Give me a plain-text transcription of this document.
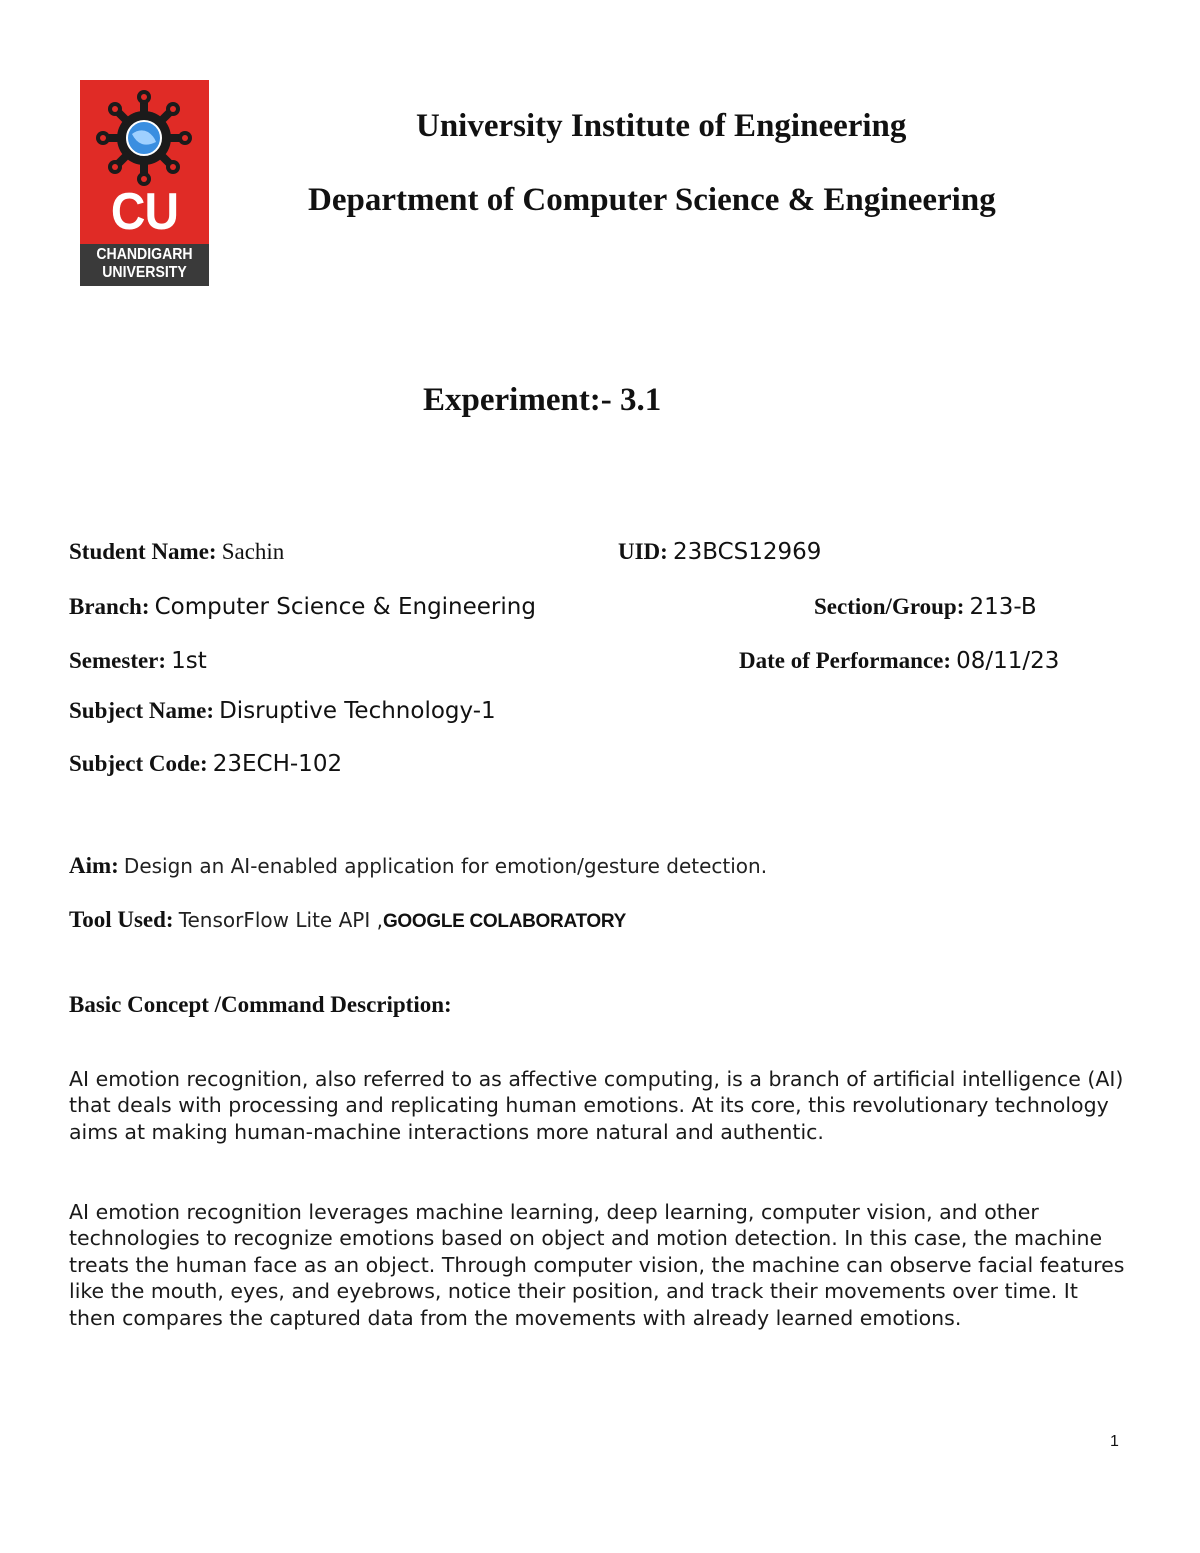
CU
CHANDIGARH
UNIVERSITY
University Institute of Engineering
Department of Computer Science & Engineering
Experiment:- 3.1
Student Name: Sachin	UID: 23BCS12969
Branch: Computer Science & Engineering	Section/Group: 213-B
Semester: 1st	Date of Performance: 08/11/23
Subject Name: Disruptive Technology-1
Subject Code: 23ECH-102
Aim: Design an AI-enabled application for emotion/gesture detection.
Tool Used: TensorFlow Lite API ,GOOGLE COLABORATORY
Basic Concept /Command Description:

AI emotion recognition, also referred to as affective computing, is a branch of artificial intelligence (AI) that deals with processing and replicating human emotions. At its core, this revolutionary technology aims at making human-machine interactions more natural and authentic.

AI emotion recognition leverages machine learning, deep learning, computer vision, and other technologies to recognize emotions based on object and motion detection. In this case, the machine treats the human face as an object. Through computer vision, the machine can observe facial features like the mouth, eyes, and eyebrows, notice their position, and track their movements over time. It then compares the captured data from the movements with already learned emotions.

1
